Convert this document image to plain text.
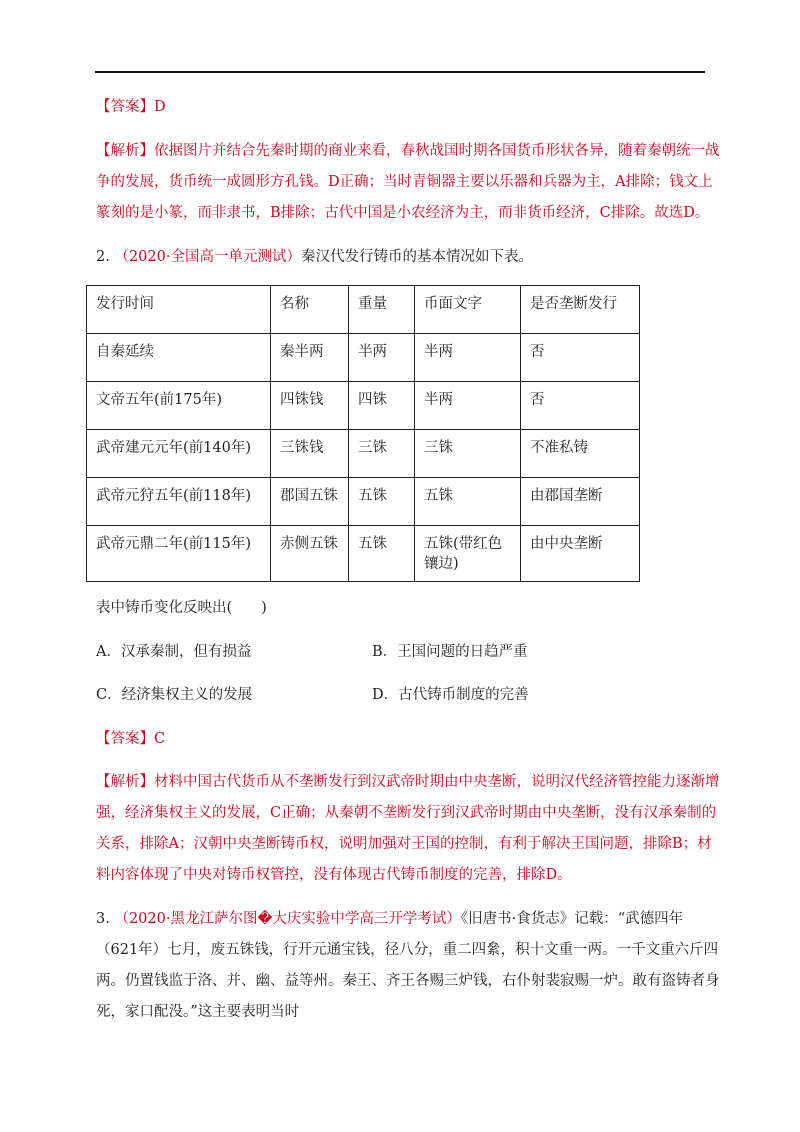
【答案】D
【解析】依据图片并结合先秦时期的商业来看，春秋战国时期各国货币形状各异，随着秦朝统一战
争的发展，货币统一成圆形方孔钱。D正确；当时青铜器主要以乐器和兵器为主，A排除；钱文上
篆刻的是小篆，而非隶书，B排除；古代中国是小农经济为主，而非货币经济，C排除。故选D。
2. （2020·全国高一单元测试）秦汉代发行铸币的基本情况如下表。
发行时间	名称	重量	币面文字	是否垄断发行
自秦延续	秦半两	半两	半两	否
文帝五年(前175年)	四铢钱	四铢	半两	否
武帝建元元年(前140年)	三铢钱	三铢	三铢	不准私铸
武帝元狩五年(前118年)	郡国五铢	五铢	五铢	由郡国垄断
武帝元鼎二年(前115年)	赤侧五铢	五铢	五铢(带红色镶边)	由中央垄断
表中铸币变化反映出(　　)
A．汉承秦制，但有损益	B．王国问题的日趋严重
C．经济集权主义的发展	D．古代铸币制度的完善
【答案】C
【解析】材料中国古代货币从不垄断发行到汉武帝时期由中央垄断，说明汉代经济管控能力逐渐增
强，经济集权主义的发展，C正确；从秦朝不垄断发行到汉武帝时期由中央垄断，没有汉承秦制的
关系，排除A；汉朝中央垄断铸币权，说明加强对王国的控制，有利于解决王国问题，排除B；材
料内容体现了中央对铸币权管控，没有体现古代铸币制度的完善，排除D。
3. （2020·黑龙江萨尔图�大庆实验中学高三开学考试）《旧唐书·食货志》记载：“武德四年
（621年）七月，废五铢钱，行开元通宝钱，径八分，重二四絫，积十文重一两。一千文重六斤四
两。仍置钱监于洛、并、幽、益等州。秦王、齐王各赐三炉钱，右仆射裴寂赐一炉。敢有盗铸者身
死，家口配没。”这主要表明当时
